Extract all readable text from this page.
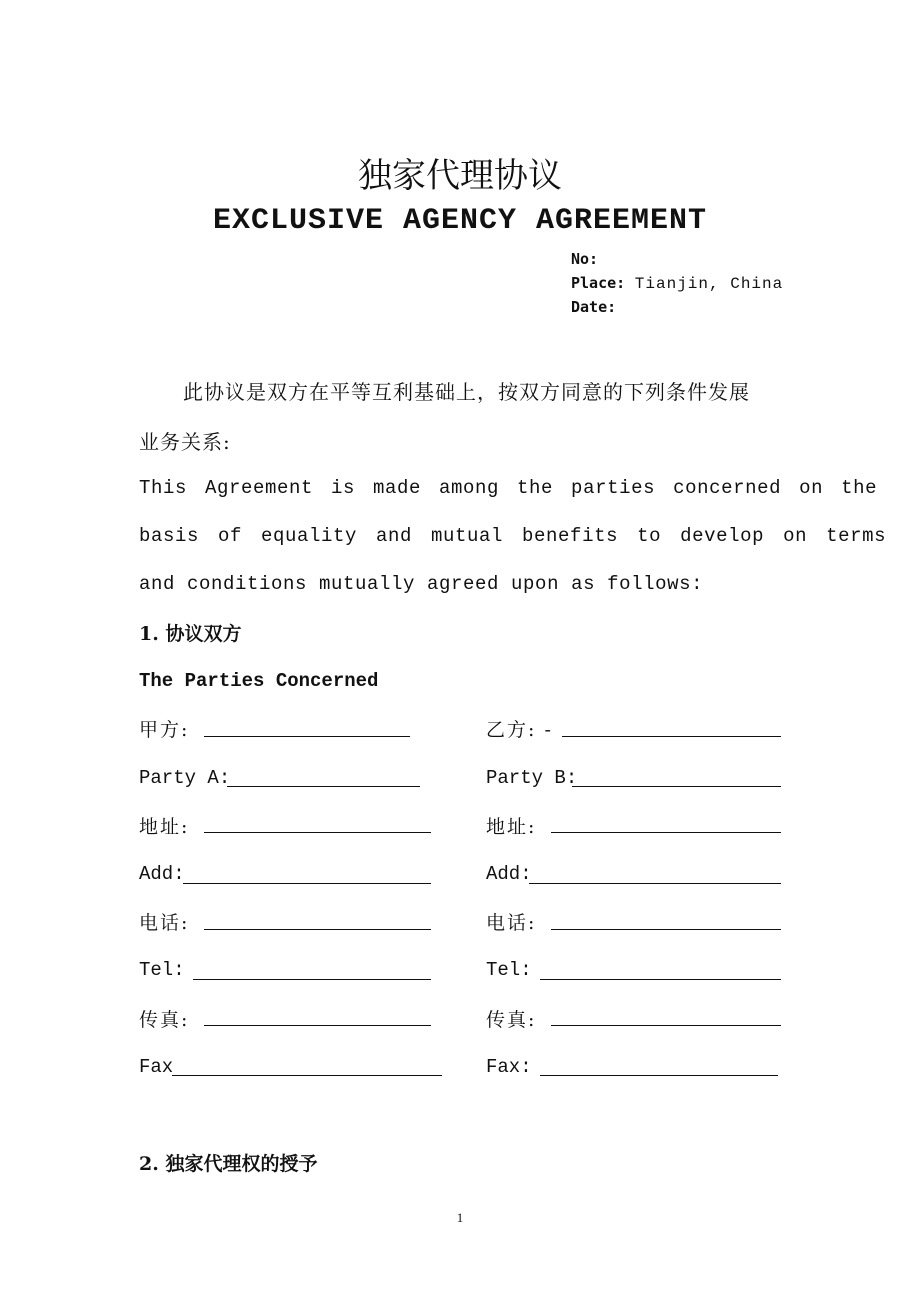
独家代理协议
EXCLUSIVE AGENCY AGREEMENT
No:
Place: Tianjin, China
Date:
此协议是双方在平等互利基础上，按双方同意的下列条件发展
业务关系:
This Agreement is made among the parties concerned on the
basis of equality and mutual benefits to develop on terms
and conditions mutually agreed upon as follows:
1. 协议双方
The Parties Concerned
甲方:	乙方: -
Party A:	Party B:
地址:	地址:
Add:	Add:
电话:	电话:
Tel:	Tel:
传真:	传真:
Fax	Fax:
2. 独家代理权的授予
1
